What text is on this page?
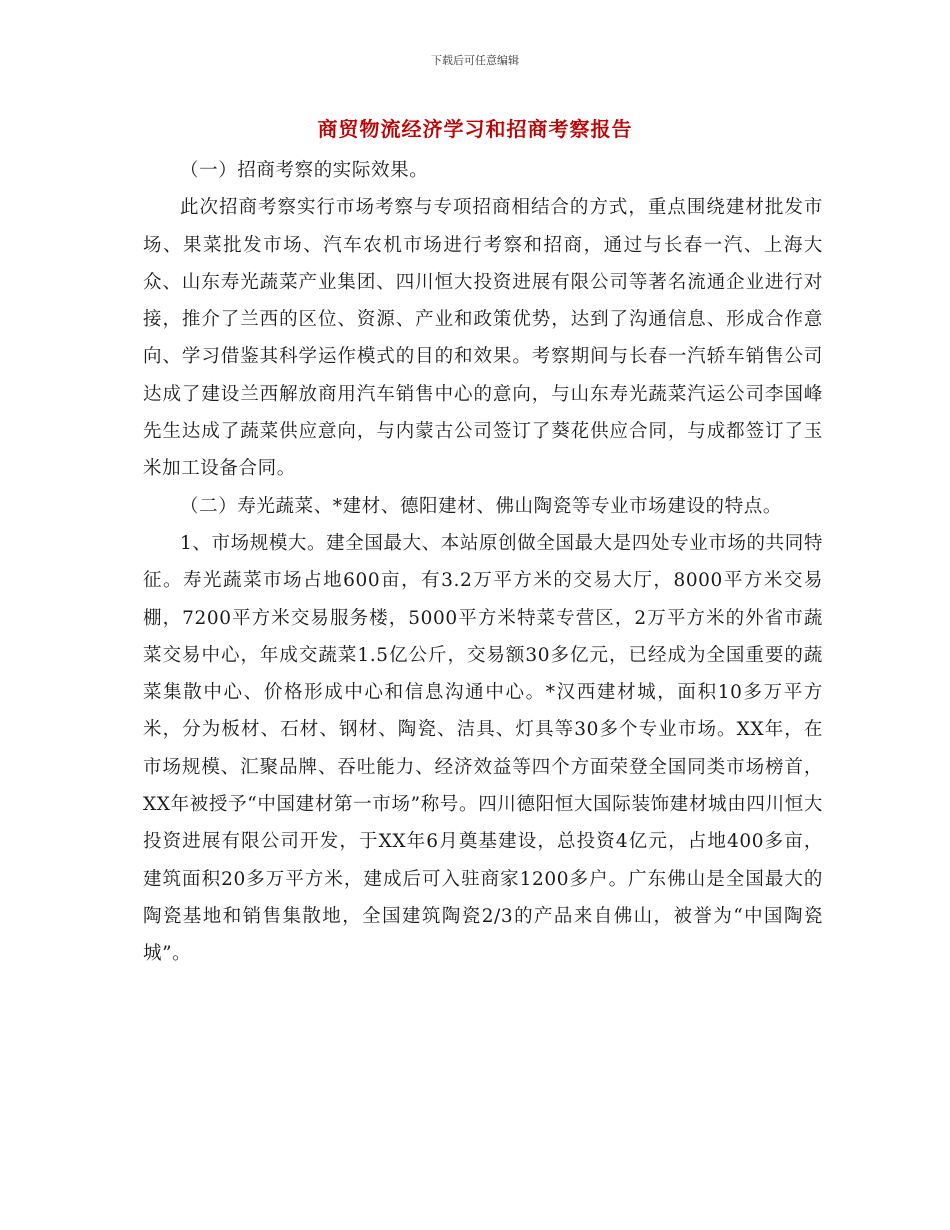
下载后可任意编辑
商贸物流经济学习和招商考察报告

（一）招商考察的实际效果。

此次招商考察实行市场考察与专项招商相结合的方式，重点围绕建材批发市场、果菜批发市场、汽车农机市场进行考察和招商，通过与长春一汽、上海大众、山东寿光蔬菜产业集团、四川恒大投资进展有限公司等著名流通企业进行对接，推介了兰西的区位、资源、产业和政策优势，达到了沟通信息、形成合作意向、学习借鉴其科学运作模式的目的和效果。考察期间与长春一汽轿车销售公司达成了建设兰西解放商用汽车销售中心的意向，与山东寿光蔬菜汽运公司李国峰先生达成了蔬菜供应意向，与内蒙古公司签订了葵花供应合同，与成都签订了玉米加工设备合同。

（二）寿光蔬菜、*建材、德阳建材、佛山陶瓷等专业市场建设的特点。

1、市场规模大。建全国最大、本站原创做全国最大是四处专业市场的共同特征。寿光蔬菜市场占地600亩，有3.2万平方米的交易大厅，8000平方米交易棚，7200平方米交易服务楼，5000平方米特菜专营区，2万平方米的外省市蔬菜交易中心，年成交蔬菜1.5亿公斤，交易额30多亿元，已经成为全国重要的蔬菜集散中心、价格形成中心和信息沟通中心。*汉西建材城，面积10多万平方米，分为板材、石材、钢材、陶瓷、洁具、灯具等30多个专业市场。XX年，在市场规模、汇聚品牌、吞吐能力、经济效益等四个方面荣登全国同类市场榜首，XX年被授予“中国建材第一市场”称号。四川德阳恒大国际装饰建材城由四川恒大投资进展有限公司开发，于XX年6月奠基建设，总投资4亿元，占地400多亩，建筑面积20多万平方米，建成后可入驻商家1200多户。广东佛山是全国最大的陶瓷基地和销售集散地，全国建筑陶瓷2/3的产品来自佛山，被誉为“中国陶瓷城”。
